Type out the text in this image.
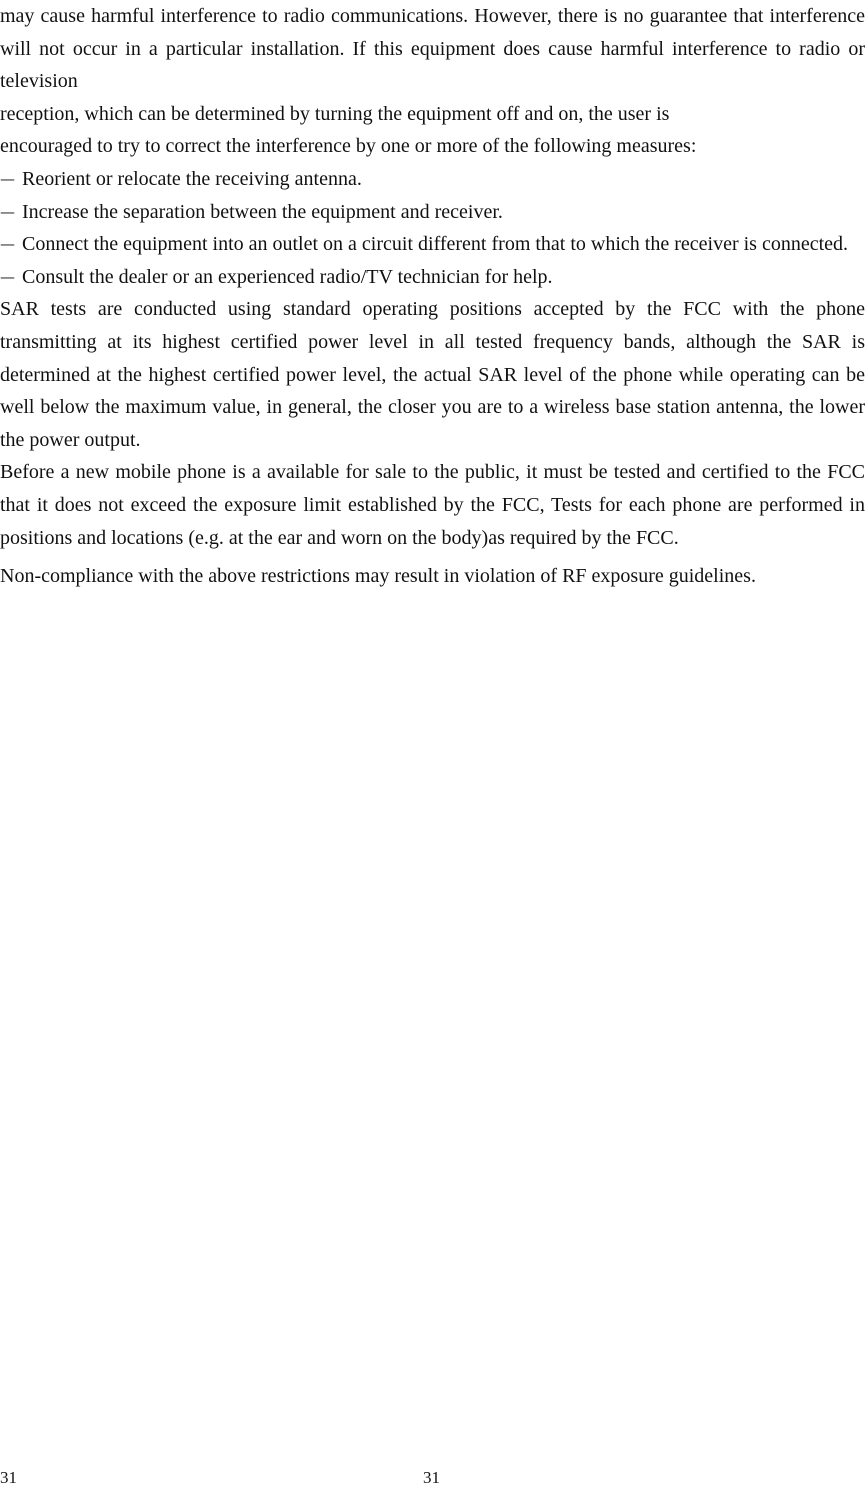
may cause harmful interference to radio communications. However, there is no guarantee that interference will not occur in a particular installation. If this equipment does cause harmful interference to radio or television

reception, which can be determined by turning the equipment off and on, the user is

encouraged to try to correct the interference by one or more of the following measures:

— Reorient or relocate the receiving antenna.
— Increase the separation between the equipment and receiver.
— Connect the equipment into an outlet on a circuit different from that to which the receiver is connected.
— Consult the dealer or an experienced radio/TV technician for help.

SAR tests are conducted using standard operating positions accepted by the FCC with the phone transmitting at its highest certified power level in all tested frequency bands, although the SAR is determined at the highest certified power level, the actual SAR level of the phone while operating can be well below the maximum value, in general, the closer you are to a wireless base station antenna, the lower the power output.

Before a new mobile phone is a available for sale to the public, it must be tested and certified to the FCC that it does not exceed the exposure limit established by the FCC, Tests for each phone are performed in positions and locations (e.g. at the ear and worn on the body)as required by the FCC.

Non-compliance with the above restrictions may result in violation of RF exposure guidelines.

31	31
